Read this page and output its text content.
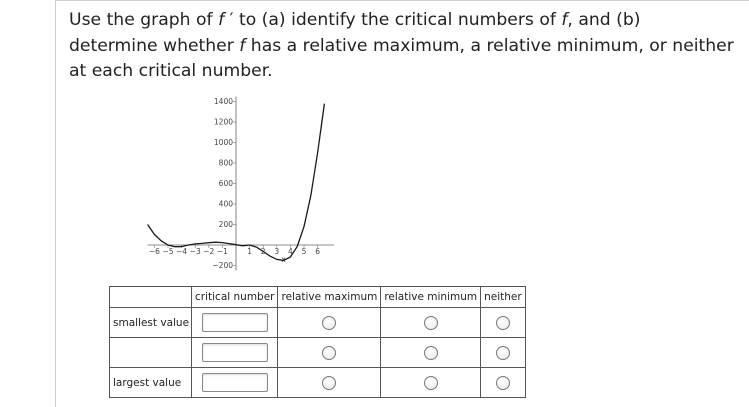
Use the graph of f ′ to (a) identify the critical numbers of f, and (b)
determine whether f has a relative maximum, a relative minimum, or neither
at each critical number.
−6 −5 −4 −3 −2 −1	1 2 3 4 5 6
x
1400
1200
1000
800
600
400
200
−200
	critical number	relative maximum	relative minimum	neither
smallest value				

largest value				
